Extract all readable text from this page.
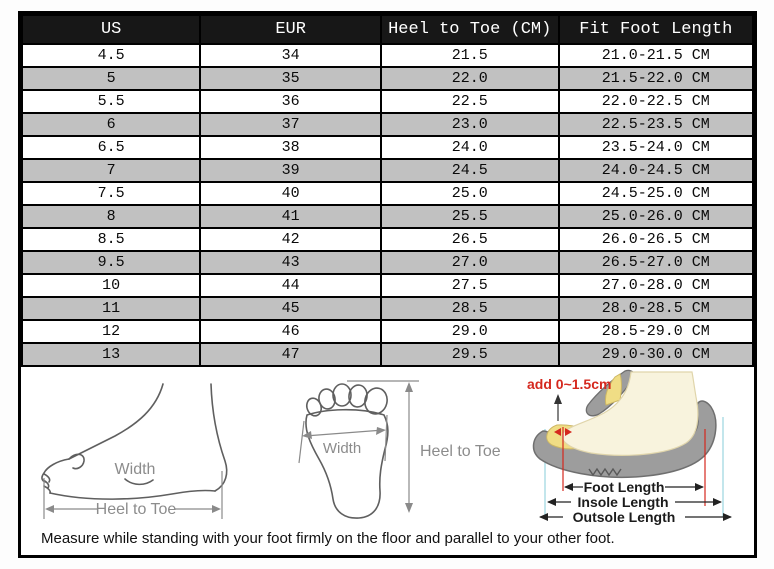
US	EUR	Heel to Toe (CM)	Fit Foot Length
4.5	34	21.5	21.0-21.5 CM
5	35	22.0	21.5-22.0 CM
5.5	36	22.5	22.0-22.5 CM
6	37	23.0	22.5-23.5 CM
6.5	38	24.0	23.5-24.0 CM
7	39	24.5	24.0-24.5 CM
7.5	40	25.0	24.5-25.0 CM
8	41	25.5	25.0-26.0 CM
8.5	42	26.5	26.0-26.5 CM
9.5	43	27.0	26.5-27.0 CM
10	44	27.5	27.0-28.0 CM
11	45	28.5	28.0-28.5 CM
12	46	29.0	28.5-29.0 CM
13	47	29.5	29.0-30.0 CM
Width
Heel to Toe
Width	Heel to Toe
add 0~1.5cm
Foot Length
Insole Length
Outsole Length
Measure while standing with your foot firmly on the floor and parallel to your other foot.
